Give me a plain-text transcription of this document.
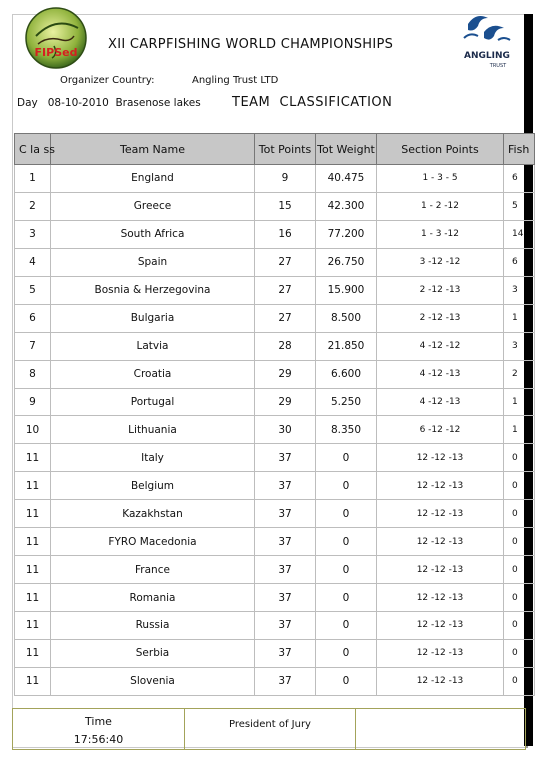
FIPSed	ANGLING
TRUST
XII CARPFISHING WORLD CHAMPIONSHIPS
Organizer Country:	Angling Trust LTD
Day   08-10-2010  Brasenose lakes TEAM  CLASSIFICATION
C la ss	Team Name	Tot Points	Tot Weight	Section Points	Fish
1	England	9	40.475	1 - 3 - 5	6
2	Greece	15	42.300	1 - 2 -12	5
3	South Africa	16	77.200	1 - 3 -12	14
4	Spain	27	26.750	3 -12 -12	6
5	Bosnia & Herzegovina	27	15.900	2 -12 -13	3
6	Bulgaria	27	8.500	2 -12 -13	1
7	Latvia	28	21.850	4 -12 -12	3
8	Croatia	29	6.600	4 -12 -13	2
9	Portugal	29	5.250	4 -12 -13	1
10	Lithuania	30	8.350	6 -12 -12	1
11	Italy	37	0	12 -12 -13	0
11	Belgium	37	0	12 -12 -13	0
11	Kazakhstan	37	0	12 -12 -13	0
11	FYRO Macedonia	37	0	12 -12 -13	0
11	France	37	0	12 -12 -13	0
11	Romania	37	0	12 -12 -13	0
11	Russia	37	0	12 -12 -13	0
11	Serbia	37	0	12 -12 -13	0
11	Slovenia	37	0	12 -12 -13	0
Time
17:56:40
President of Jury
